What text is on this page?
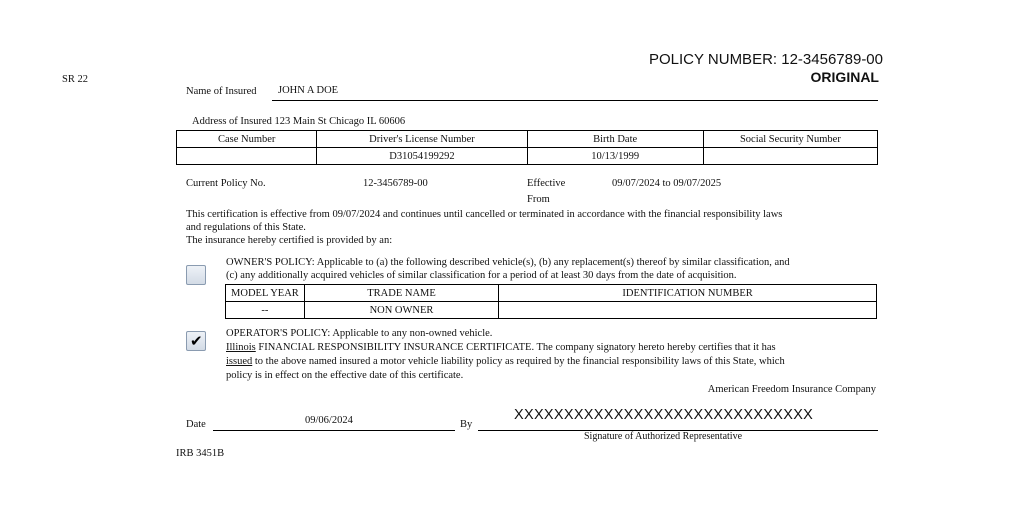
SR 22
POLICY NUMBER: 12-3456789-00
ORIGINAL
Name of Insured JOHN A DOE
Address of Insured 123 Main St Chicago IL 60606
Case Number	Driver's License Number	Birth Date	Social Security Number
	D31054199292	10/13/1999	
Current Policy No.	12-3456789-00	Effective
From
09/07/2024 to 09/07/2025
This certification is effective from 09/07/2024 and continues until cancelled or terminated in accordance with the financial responsibility laws
and regulations of this State.
The insurance hereby certified is provided by an:
OWNER'S POLICY: Applicable to (a) the following described vehicle(s), (b) any replacement(s) thereof by similar classification, and
(c) any additionally acquired vehicles of similar classification for a period of at least 30 days from the date of acquisition.
MODEL YEAR	TRADE NAME	IDENTIFICATION NUMBER
--	NON OWNER	
✔ OPERATOR'S POLICY: Applicable to any non-owned vehicle.
Illinois FINANCIAL RESPONSIBILITY INSURANCE CERTIFICATE. The company signatory hereto hereby certifies that it has
issued to the above named insured a motor vehicle liability policy as required by the financial responsibility laws of this State, which
policy is in effect on the effective date of this certificate.
American Freedom Insurance Company
Date	09/06/2024	By
XXXXXXXXXXXXXXXXXXXXXXXXXXXXXX
Signature of Authorized Representative
IRB 3451B
